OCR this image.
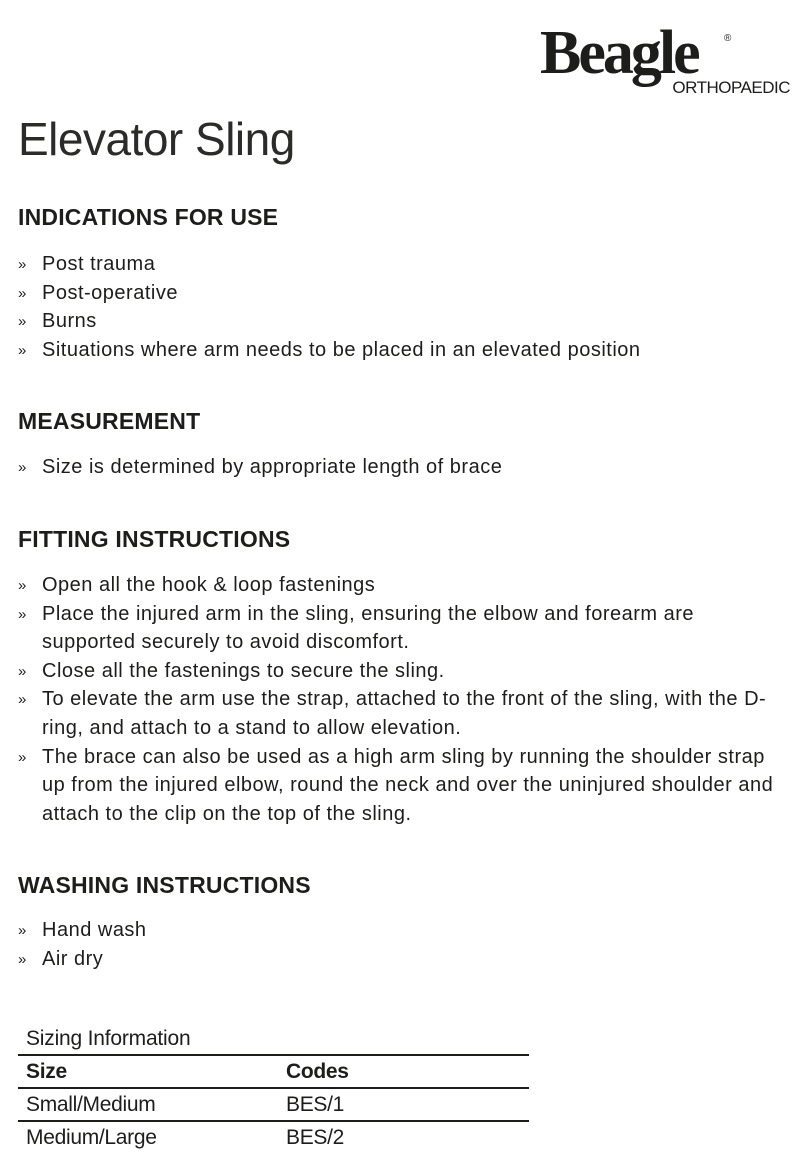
Beagle	®
ORTHOPAEDIC
Elevator Sling
INDICATIONS FOR USE
» Post trauma
» Post-operative
» Burns
» Situations where arm needs to be placed in an elevated position
MEASUREMENT
» Size is determined by appropriate length of brace
FITTING INSTRUCTIONS
» Open all the hook & loop fastenings
» Place the injured arm in the sling, ensuring the elbow and forearm are supported securely to avoid discomfort.
» Close all the fastenings to secure the sling.
» To elevate the arm use the strap, attached to the front of the sling, with the D-ring, and attach to a stand to allow elevation.
» The brace can also be used as a high arm sling by running the shoulder strap up from the injured elbow, round the neck and over the uninjured shoulder and attach to the clip on the top of the sling.
WASHING INSTRUCTIONS
» Hand wash
» Air dry
Sizing Information
Size	Codes
Small/Medium	BES/1
Medium/Large	BES/2
